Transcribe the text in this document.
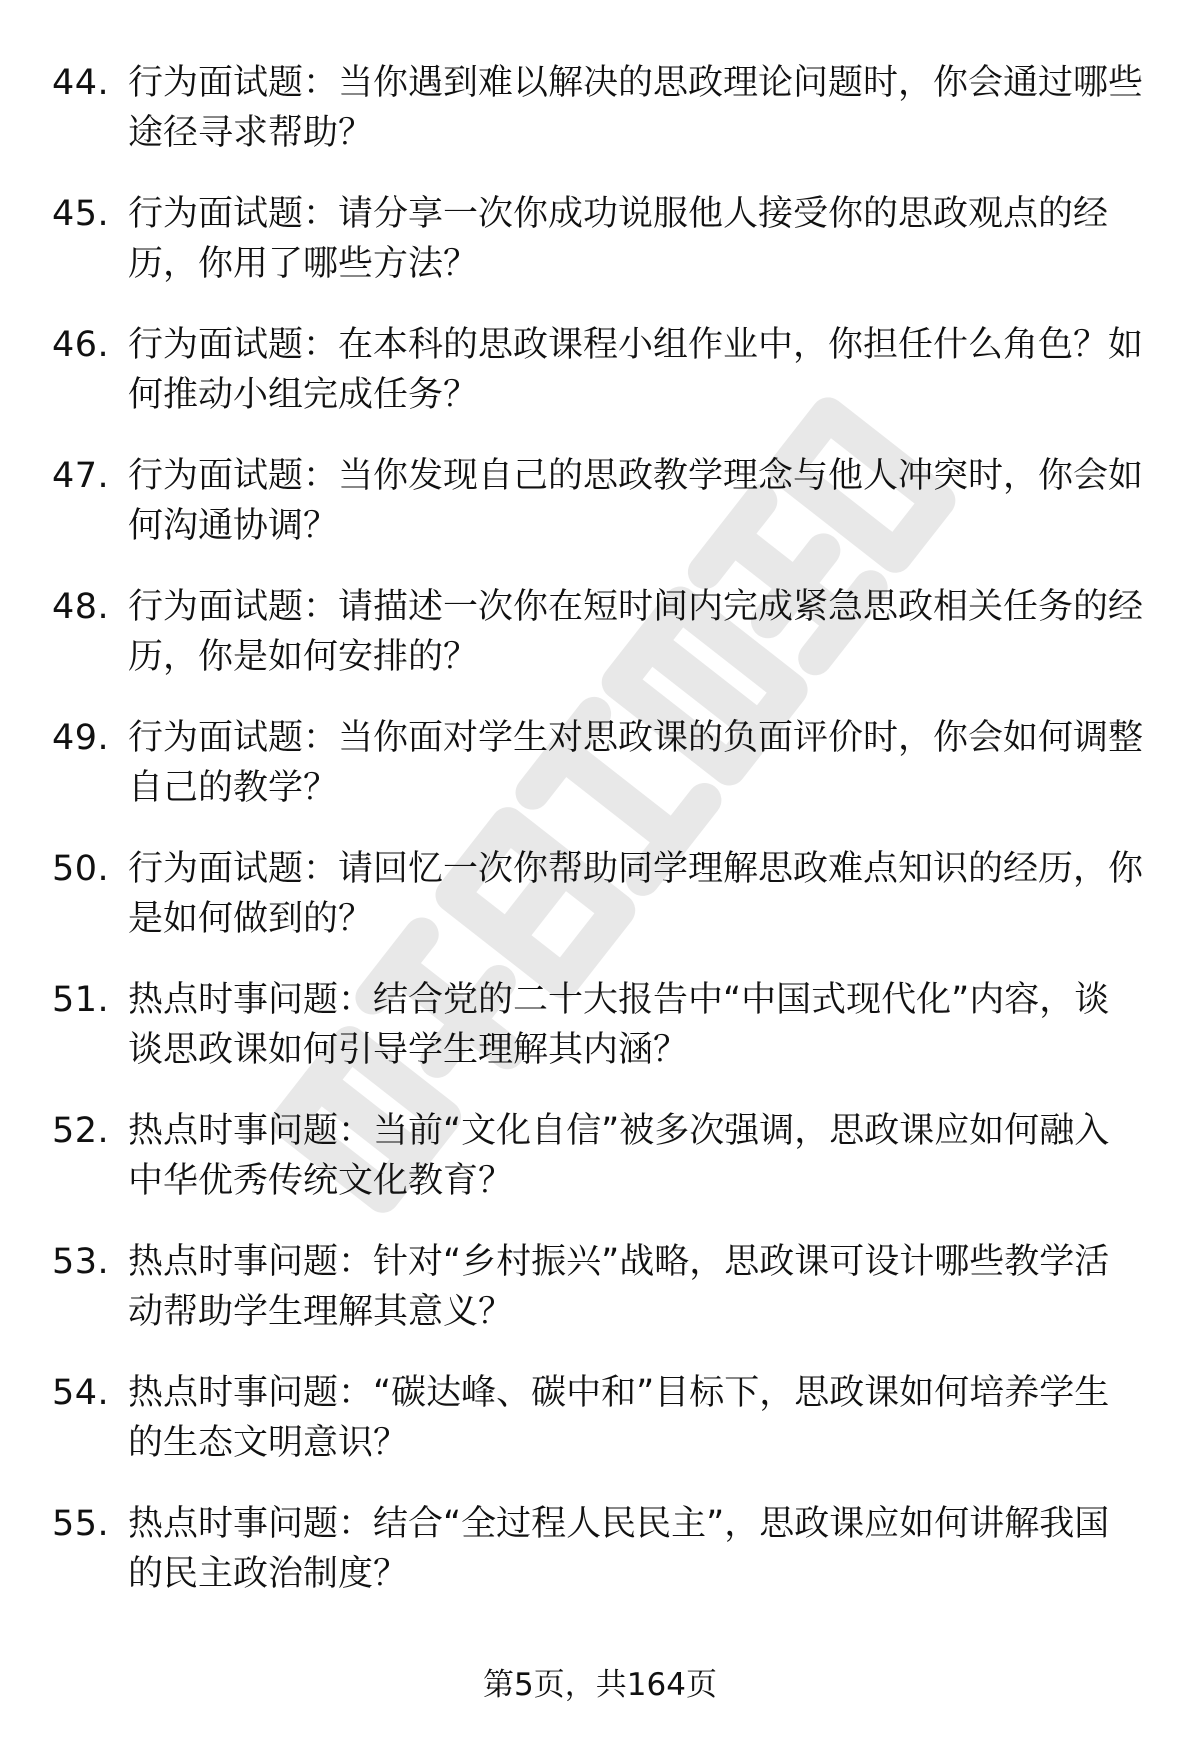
44. 行为面试题：当你遇到难以解决的思政理论问题时，你会通过哪些途径寻求帮助？
45. 行为面试题：请分享一次你成功说服他人接受你的思政观点的经历，你用了哪些方法？
46. 行为面试题：在本科的思政课程小组作业中，你担任什么角色？如何推动小组完成任务？
47. 行为面试题：当你发现自己的思政教学理念与他人冲突时，你会如何沟通协调？
48. 行为面试题：请描述一次你在短时间内完成紧急思政相关任务的经历，你是如何安排的？
49. 行为面试题：当你面对学生对思政课的负面评价时，你会如何调整自己的教学？
50. 行为面试题：请回忆一次你帮助同学理解思政难点知识的经历，你是如何做到的？
51. 热点时事问题：结合党的二十大报告中“中国式现代化”内容，谈谈思政课如何引导学生理解其内涵？
52. 热点时事问题：当前“文化自信”被多次强调，思政课应如何融入中华优秀传统文化教育？
53. 热点时事问题：针对“乡村振兴”战略，思政课可设计哪些教学活动帮助学生理解其意义？
54. 热点时事问题：“碳达峰、碳中和”目标下，思政课如何培养学生的生态文明意识？
55. 热点时事问题：结合“全过程人民民主”，思政课应如何讲解我国的民主政治制度？
第5页，共164页
